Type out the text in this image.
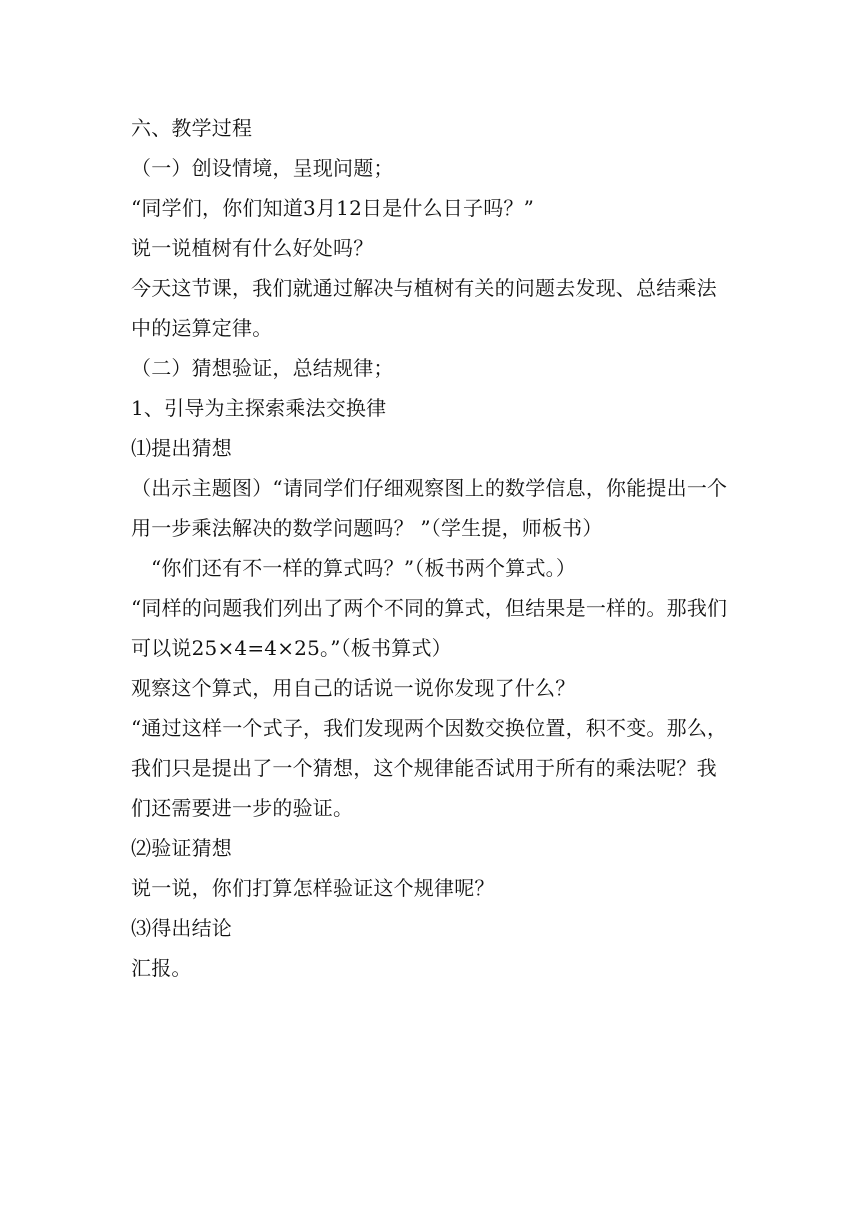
六、教学过程

（一）创设情境，呈现问题；

“同学们，你们知道3月12日是什么日子吗？”

说一说植树有什么好处吗？

今天这节课，我们就通过解决与植树有关的问题去发现、总结乘法中的运算定律。

（二）猜想验证，总结规律；

1、引导为主探索乘法交换律

⑴提出猜想

（出示主题图）“请同学们仔细观察图上的数学信息，你能提出一个用一步乘法解决的数学问题吗？ ”（学生提，师板书）

“你们还有不一样的算式吗？”（板书两个算式。）

“同样的问题我们列出了两个不同的算式，但结果是一样的。那我们可以说25×4=4×25。”（板书算式）

观察这个算式，用自己的话说一说你发现了什么？

“通过这样一个式子，我们发现两个因数交换位置，积不变。那么，我们只是提出了一个猜想，这个规律能否试用于所有的乘法呢？我们还需要进一步的验证。

⑵验证猜想

说一说，你们打算怎样验证这个规律呢？

⑶得出结论

汇报。
